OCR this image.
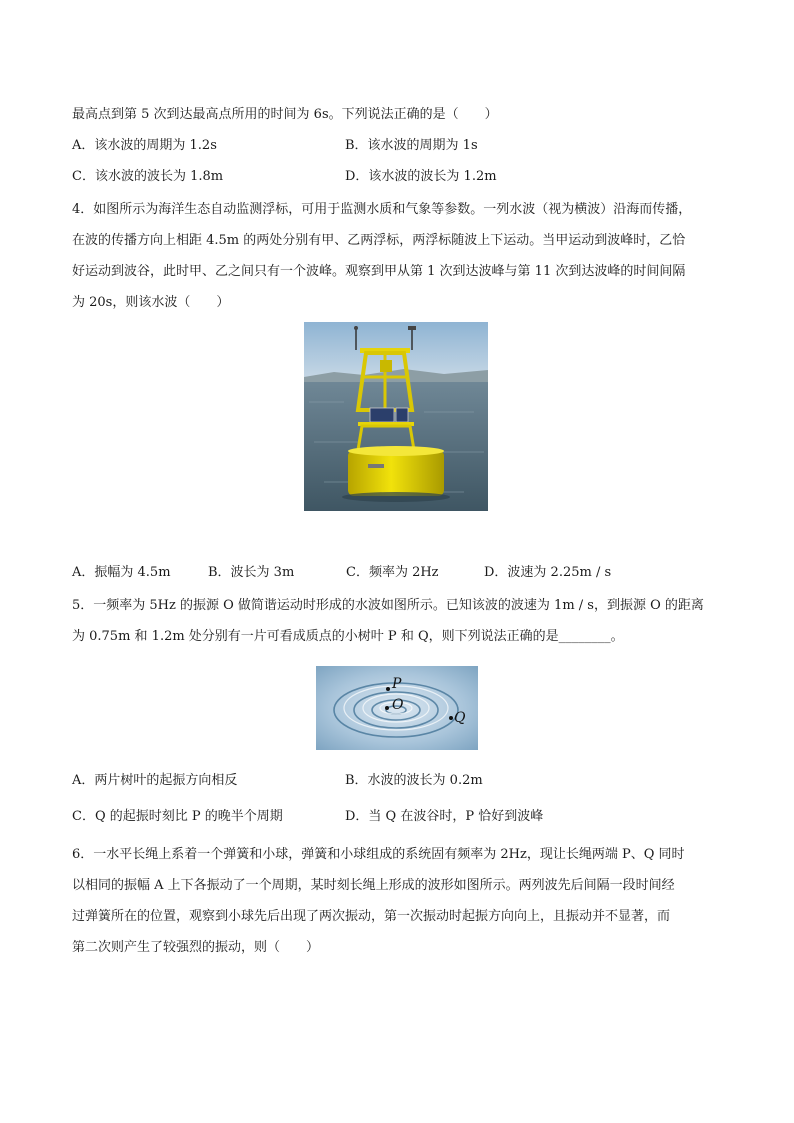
最高点到第 5 次到达最高点所用的时间为 6s。下列说法正确的是（　　）
A．该水波的周期为 1.2s	B．该水波的周期为 1s
C．该水波的波长为 1.8m	D．该水波的波长为 1.2m
4．如图所示为海洋生态自动监测浮标，可用于监测水质和气象等参数。一列水波（视为横波）沿海而传播，
在波的传播方向上相距 4.5m 的两处分别有甲、乙两浮标，两浮标随波上下运动。当甲运动到波峰时，乙恰
好运动到波谷，此时甲、乙之间只有一个波峰。观察到甲从第 1 次到达波峰与第 11 次到达波峰的时间间隔
为 20s，则该水波（　　）
A．振幅为 4.5m	B．波长为 3m	C．频率为 2Hz	D．波速为 2.25m / s
5．一频率为 5Hz 的振源 O 做简谐运动时形成的水波如图所示。已知该波的波速为 1m / s，到振源 O 的距离
为 0.75m 和 1.2m 处分别有一片可看成质点的小树叶 P 和 Q，则下列说法正确的是________。
P
O
Q
A．两片树叶的起振方向相反	B．水波的波长为 0.2m
C．Q 的起振时刻比 P 的晚半个周期	D．当 Q 在波谷时，P 恰好到波峰
6．一水平长绳上系着一个弹簧和小球，弹簧和小球组成的系统固有频率为 2Hz，现让长绳两端 P、Q 同时
以相同的振幅 A 上下各振动了一个周期，某时刻长绳上形成的波形如图所示。两列波先后间隔一段时间经
过弹簧所在的位置，观察到小球先后出现了两次振动，第一次振动时起振方向向上，且振动并不显著，而
第二次则产生了较强烈的振动，则（　　）
